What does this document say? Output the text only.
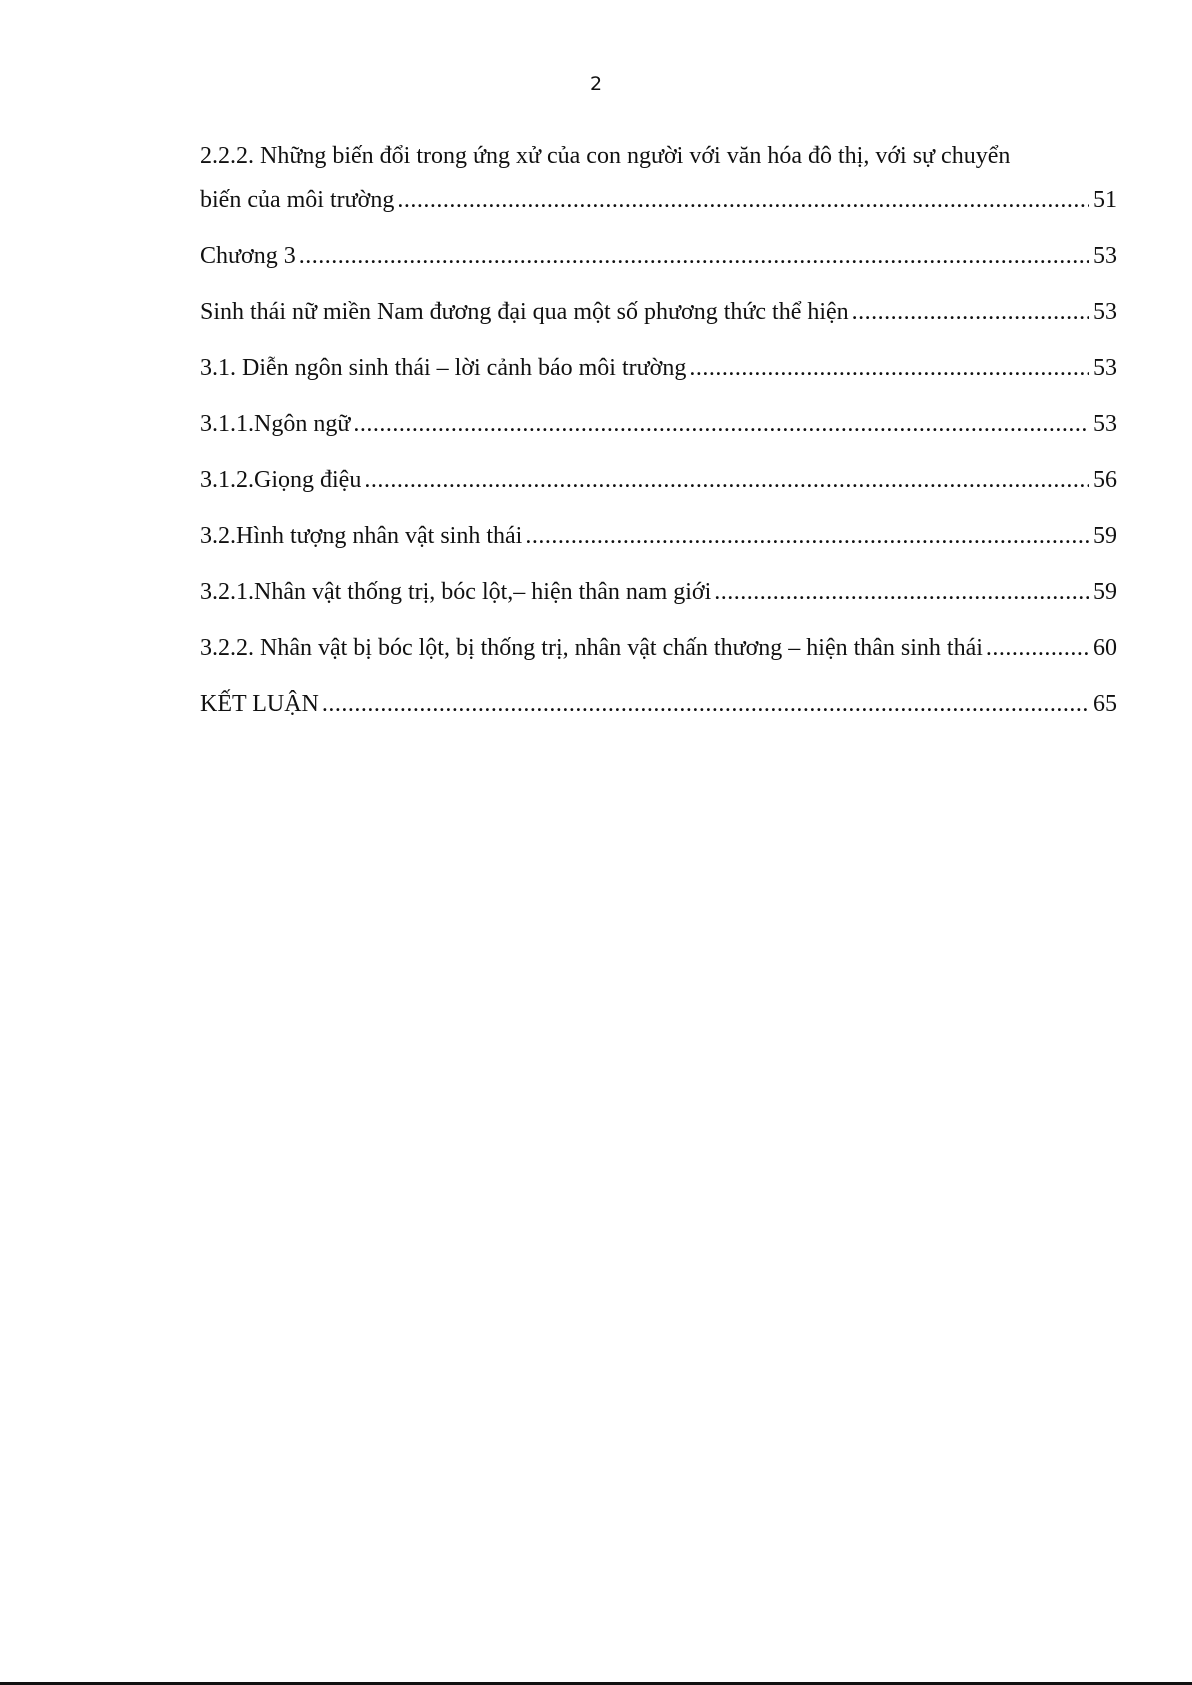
2
2.2.2. Những biến đổi trong ứng xử của con người với văn hóa đô thị, với sự chuyển
biến của môi trường .....	51
Chương 3 .....	53
Sinh thái nữ miền Nam đương đại qua một số phương thức thể hiện .....	53
3.1. Diễn ngôn sinh thái – lời cảnh báo môi trường .....	53
3.1.1.Ngôn ngữ .....	53
3.1.2.Giọng điệu .....	56
3.2.Hình tượng nhân vật sinh thái .....	59
3.2.1.Nhân vật thống trị, bóc lột,– hiện thân nam giới .....	59
3.2.2. Nhân vật bị bóc lột, bị thống trị, nhân vật chấn thương – hiện thân sinh thái .....	60
KẾT LUẬN .....	65
